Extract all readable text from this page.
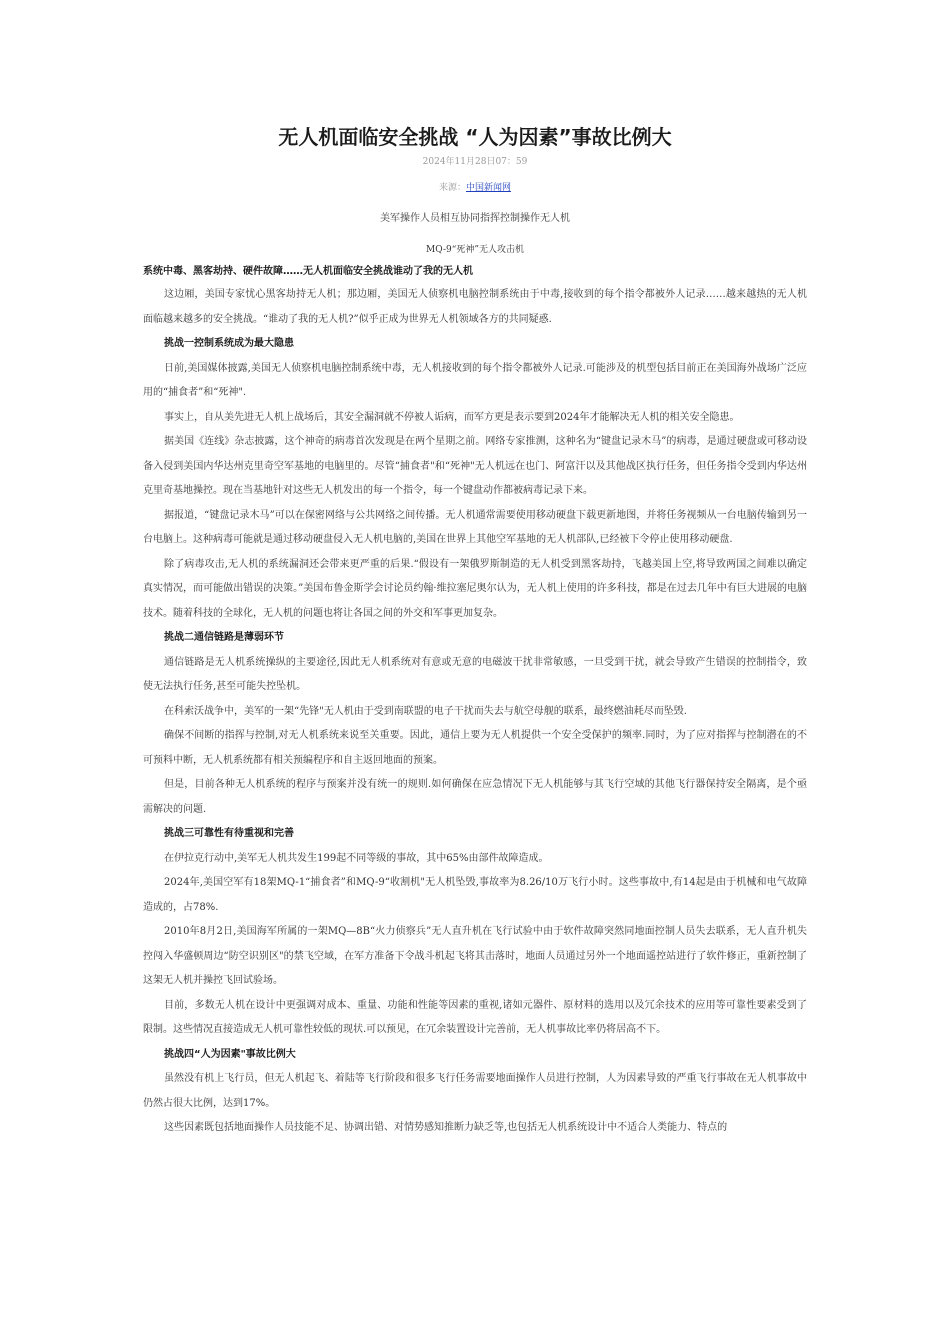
无人机面临安全挑战 “人为因素”事故比例大
2024年11月28日07：59
来源：中国新闻网
美军操作人员相互协同指挥控制操作无人机
MQ-9“死神”无人攻击机
系统中毒、黑客劫持、硬件故障……无人机面临安全挑战谁动了我的无人机

这边厢，美国专家忧心黑客劫持无人机；那边厢，美国无人侦察机电脑控制系统由于中毒,接收到的每个指令都被外人记录……越来越热的无人机面临越来越多的安全挑战。“谁动了我的无人机?”似乎正成为世界无人机领域各方的共同疑惑.

挑战一控制系统成为最大隐患

日前,美国媒体披露,美国无人侦察机电脑控制系统中毒，无人机接收到的每个指令都被外人记录.可能涉及的机型包括目前正在美国海外战场广泛应用的“捕食者”和“死神".

事实上，自从美先进无人机上战场后，其安全漏洞就不停被人诟病，而军方更是表示要到2024年才能解决无人机的相关安全隐患。

据美国《连线》杂志披露，这个神奇的病毒首次发现是在两个星期之前。网络专家推测，这种名为“键盘记录木马”的病毒，是通过硬盘或可移动设备入侵到美国内华达州克里奇空军基地的电脑里的。尽管“捕食者"和“死神"无人机远在也门、阿富汗以及其他战区执行任务，但任务指令受到内华达州克里奇基地操控。现在当基地针对这些无人机发出的每一个指令，每一个键盘动作都被病毒记录下来。

据报道，“键盘记录木马”可以在保密网络与公共网络之间传播。无人机通常需要使用移动硬盘下载更新地图，并将任务视频从一台电脑传输到另一台电脑上。这种病毒可能就是通过移动硬盘侵入无人机电脑的,美国在世界上其他空军基地的无人机部队,已经被下令停止使用移动硬盘.

除了病毒攻击,无人机的系统漏洞还会带来更严重的后果.“假设有一架俄罗斯制造的无人机受到黑客劫持，飞越美国上空,将导致两国之间难以确定真实情况，而可能做出错误的决策。”美国布鲁金斯学会讨论员约翰·维拉塞尼奥尔认为，无人机上使用的许多科技，都是在过去几年中有巨大进展的电脑技术。随着科技的全球化，无人机的问题也将让各国之间的外交和军事更加复杂。

挑战二通信链路是薄弱环节

通信链路是无人机系统操纵的主要途径,因此无人机系统对有意或无意的电磁波干扰非常敏感，一旦受到干扰，就会导致产生错误的控制指令，致使无法执行任务,甚至可能失控坠机。

在科索沃战争中，美军的一架“先锋"无人机由于受到南联盟的电子干扰而失去与航空母舰的联系，最终燃油耗尽而坠毁.

确保不间断的指挥与控制,对无人机系统来说至关重要。因此，通信上要为无人机提供一个安全受保护的频率.同时，为了应对指挥与控制潜在的不可预料中断，无人机系统都有相关预编程序和自主返回地面的预案。

但是，目前各种无人机系统的程序与预案并没有统一的规则.如何确保在应急情况下无人机能够与其飞行空域的其他飞行器保持安全隔离，是个亟需解决的问题.

挑战三可靠性有待重视和完善

在伊拉克行动中,美军无人机共发生199起不同等级的事故，其中65%由部件故障造成。

2024年,美国空军有18架MQ-1“捕食者”和MQ-9“收割机"无人机坠毁,事故率为8.26/10万飞行小时。这些事故中,有14起是由于机械和电气故障造成的，占78%.

2010年8月2日,美国海军所属的一架MQ—8B“火力侦察兵”无人直升机在飞行试验中由于软件故障突然同地面控制人员失去联系，无人直升机失控闯入华盛顿周边“防空识别区"的禁飞空域，在军方准备下令战斗机起飞将其击落时，地面人员通过另外一个地面遥控站进行了软件修正，重新控制了这架无人机并操控飞回试验场。

目前，多数无人机在设计中更强调对成本、重量、功能和性能等因素的重视,诸如元器件、原材料的选用以及冗余技术的应用等可靠性要素受到了限制。这些情况直接造成无人机可靠性较低的现状.可以预见，在冗余装置设计完善前，无人机事故比率仍将居高不下。

挑战四“人为因素"事故比例大

虽然没有机上飞行员，但无人机起飞、着陆等飞行阶段和很多飞行任务需要地面操作人员进行控制，人为因素导致的严重飞行事故在无人机事故中仍然占很大比例，达到17%。

这些因素既包括地面操作人员技能不足、协调出错、对情势感知推断力缺乏等,也包括无人机系统设计中不适合人类能力、特点的
